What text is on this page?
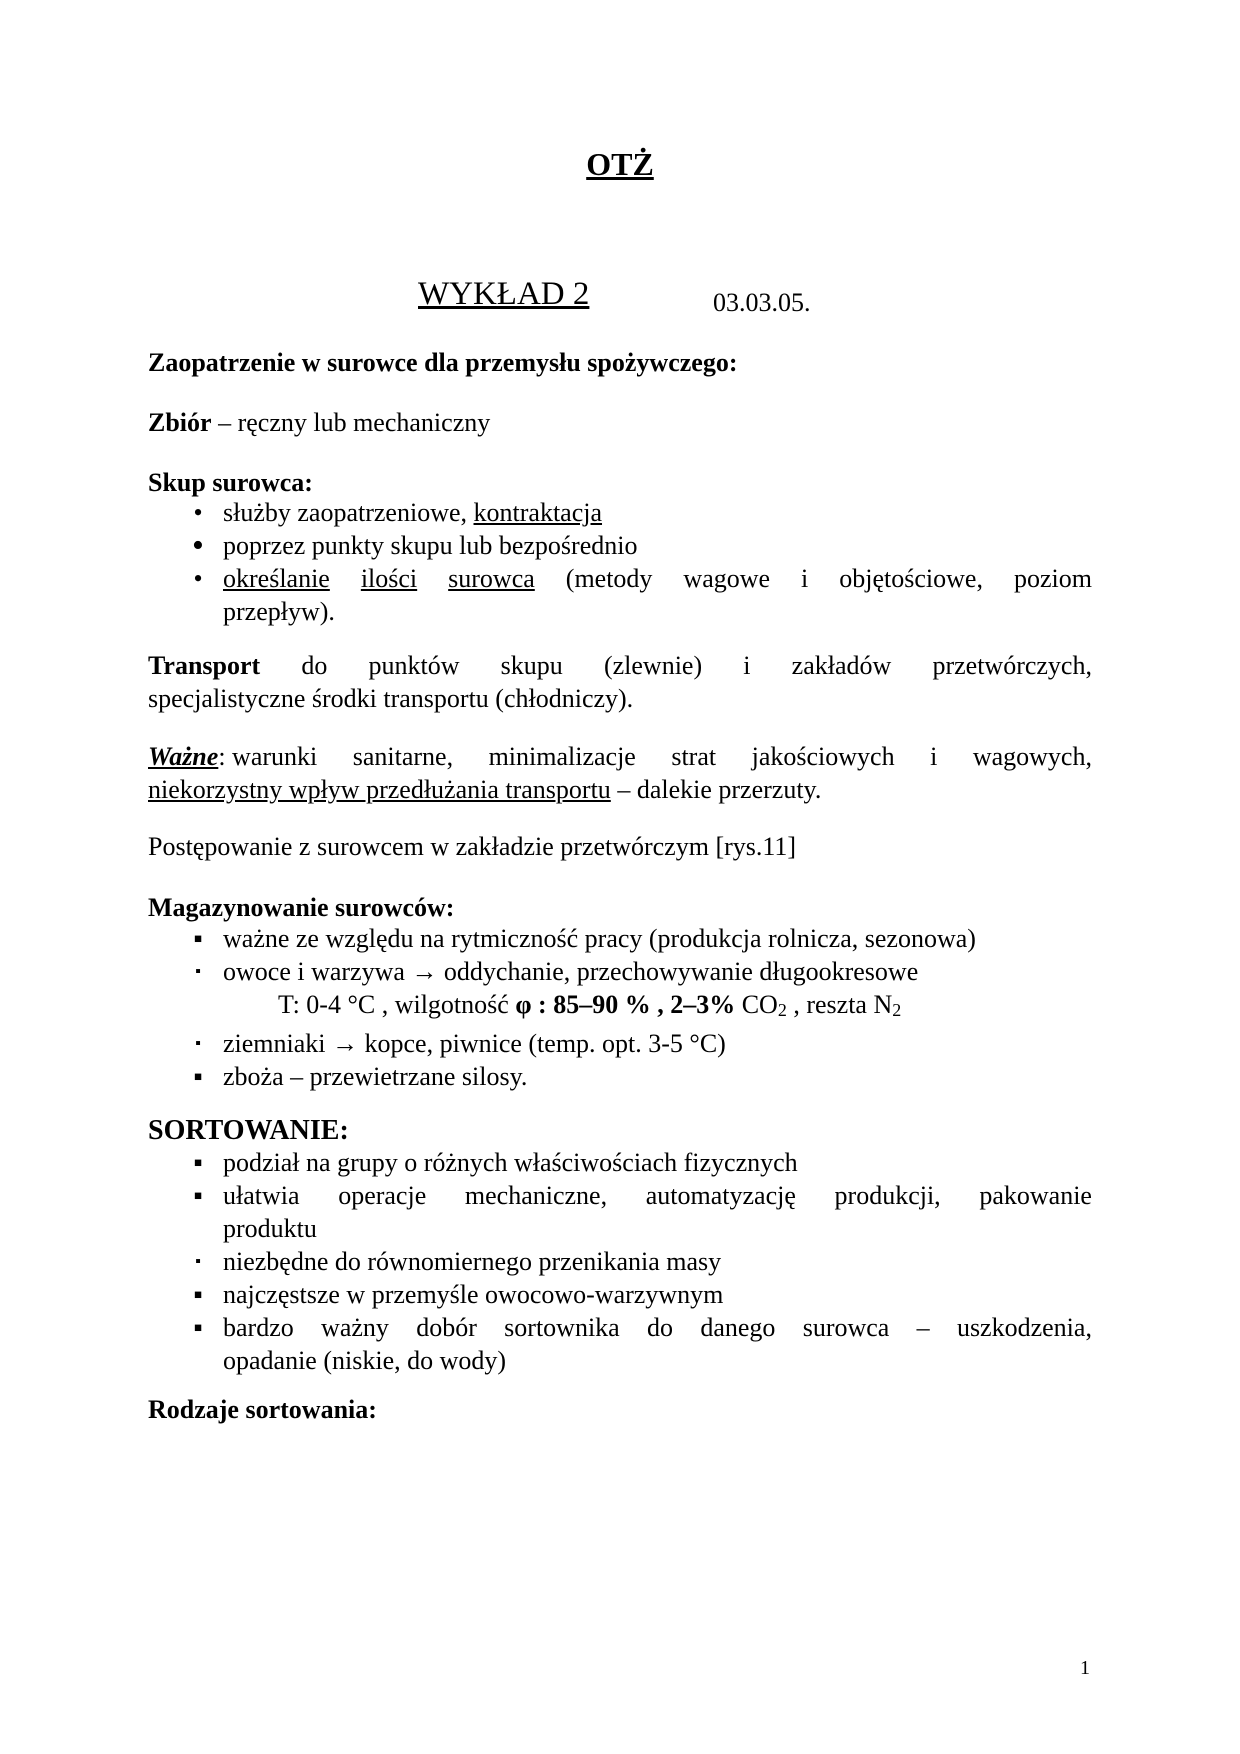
OTŻ
WYKŁAD 2	03.03.05.
Zaopatrzenie w surowce dla przemysłu spożywczego:
Zbiór – ręczny lub mechaniczny
Skup surowca:
• służby zaopatrzeniowe, kontraktacja
• poprzez punkty skupu lub bezpośrednio
• określanie ilości surowca (metody wagowe i objętościowe, poziom
przepływ).
Transport do punktów skupu (zlewnie) i zakładów przetwórczych,
specjalistyczne środki transportu (chłodniczy).
Ważne: warunki sanitarne, minimalizacje strat jakościowych i wagowych,
niekorzystny wpływ przedłużania transportu – dalekie przerzuty.
Postępowanie z surowcem w zakładzie przetwórczym [rys.11]
Magazynowanie surowców:
▪ ważne ze względu na rytmiczność pracy (produkcja rolnicza, sezonowa)
▪ owoce i warzywa → oddychanie, przechowywanie długookresowe
T: 0-4 °C , wilgotność φ : 85–90 % , 2–3% CO2 , reszta N2
▪ ziemniaki → kopce, piwnice (temp. opt. 3-5 °C)
▪ zboża – przewietrzane silosy.
SORTOWANIE:
▪ podział na grupy o różnych właściwościach fizycznych
▪ ułatwia operacje mechaniczne, automatyzację produkcji, pakowanie
produktu
▪ niezbędne do równomiernego przenikania masy
▪ najczęstsze w przemyśle owocowo-warzywnym
▪ bardzo ważny dobór sortownika do danego surowca – uszkodzenia,
opadanie (niskie, do wody)
Rodzaje sortowania:
1
